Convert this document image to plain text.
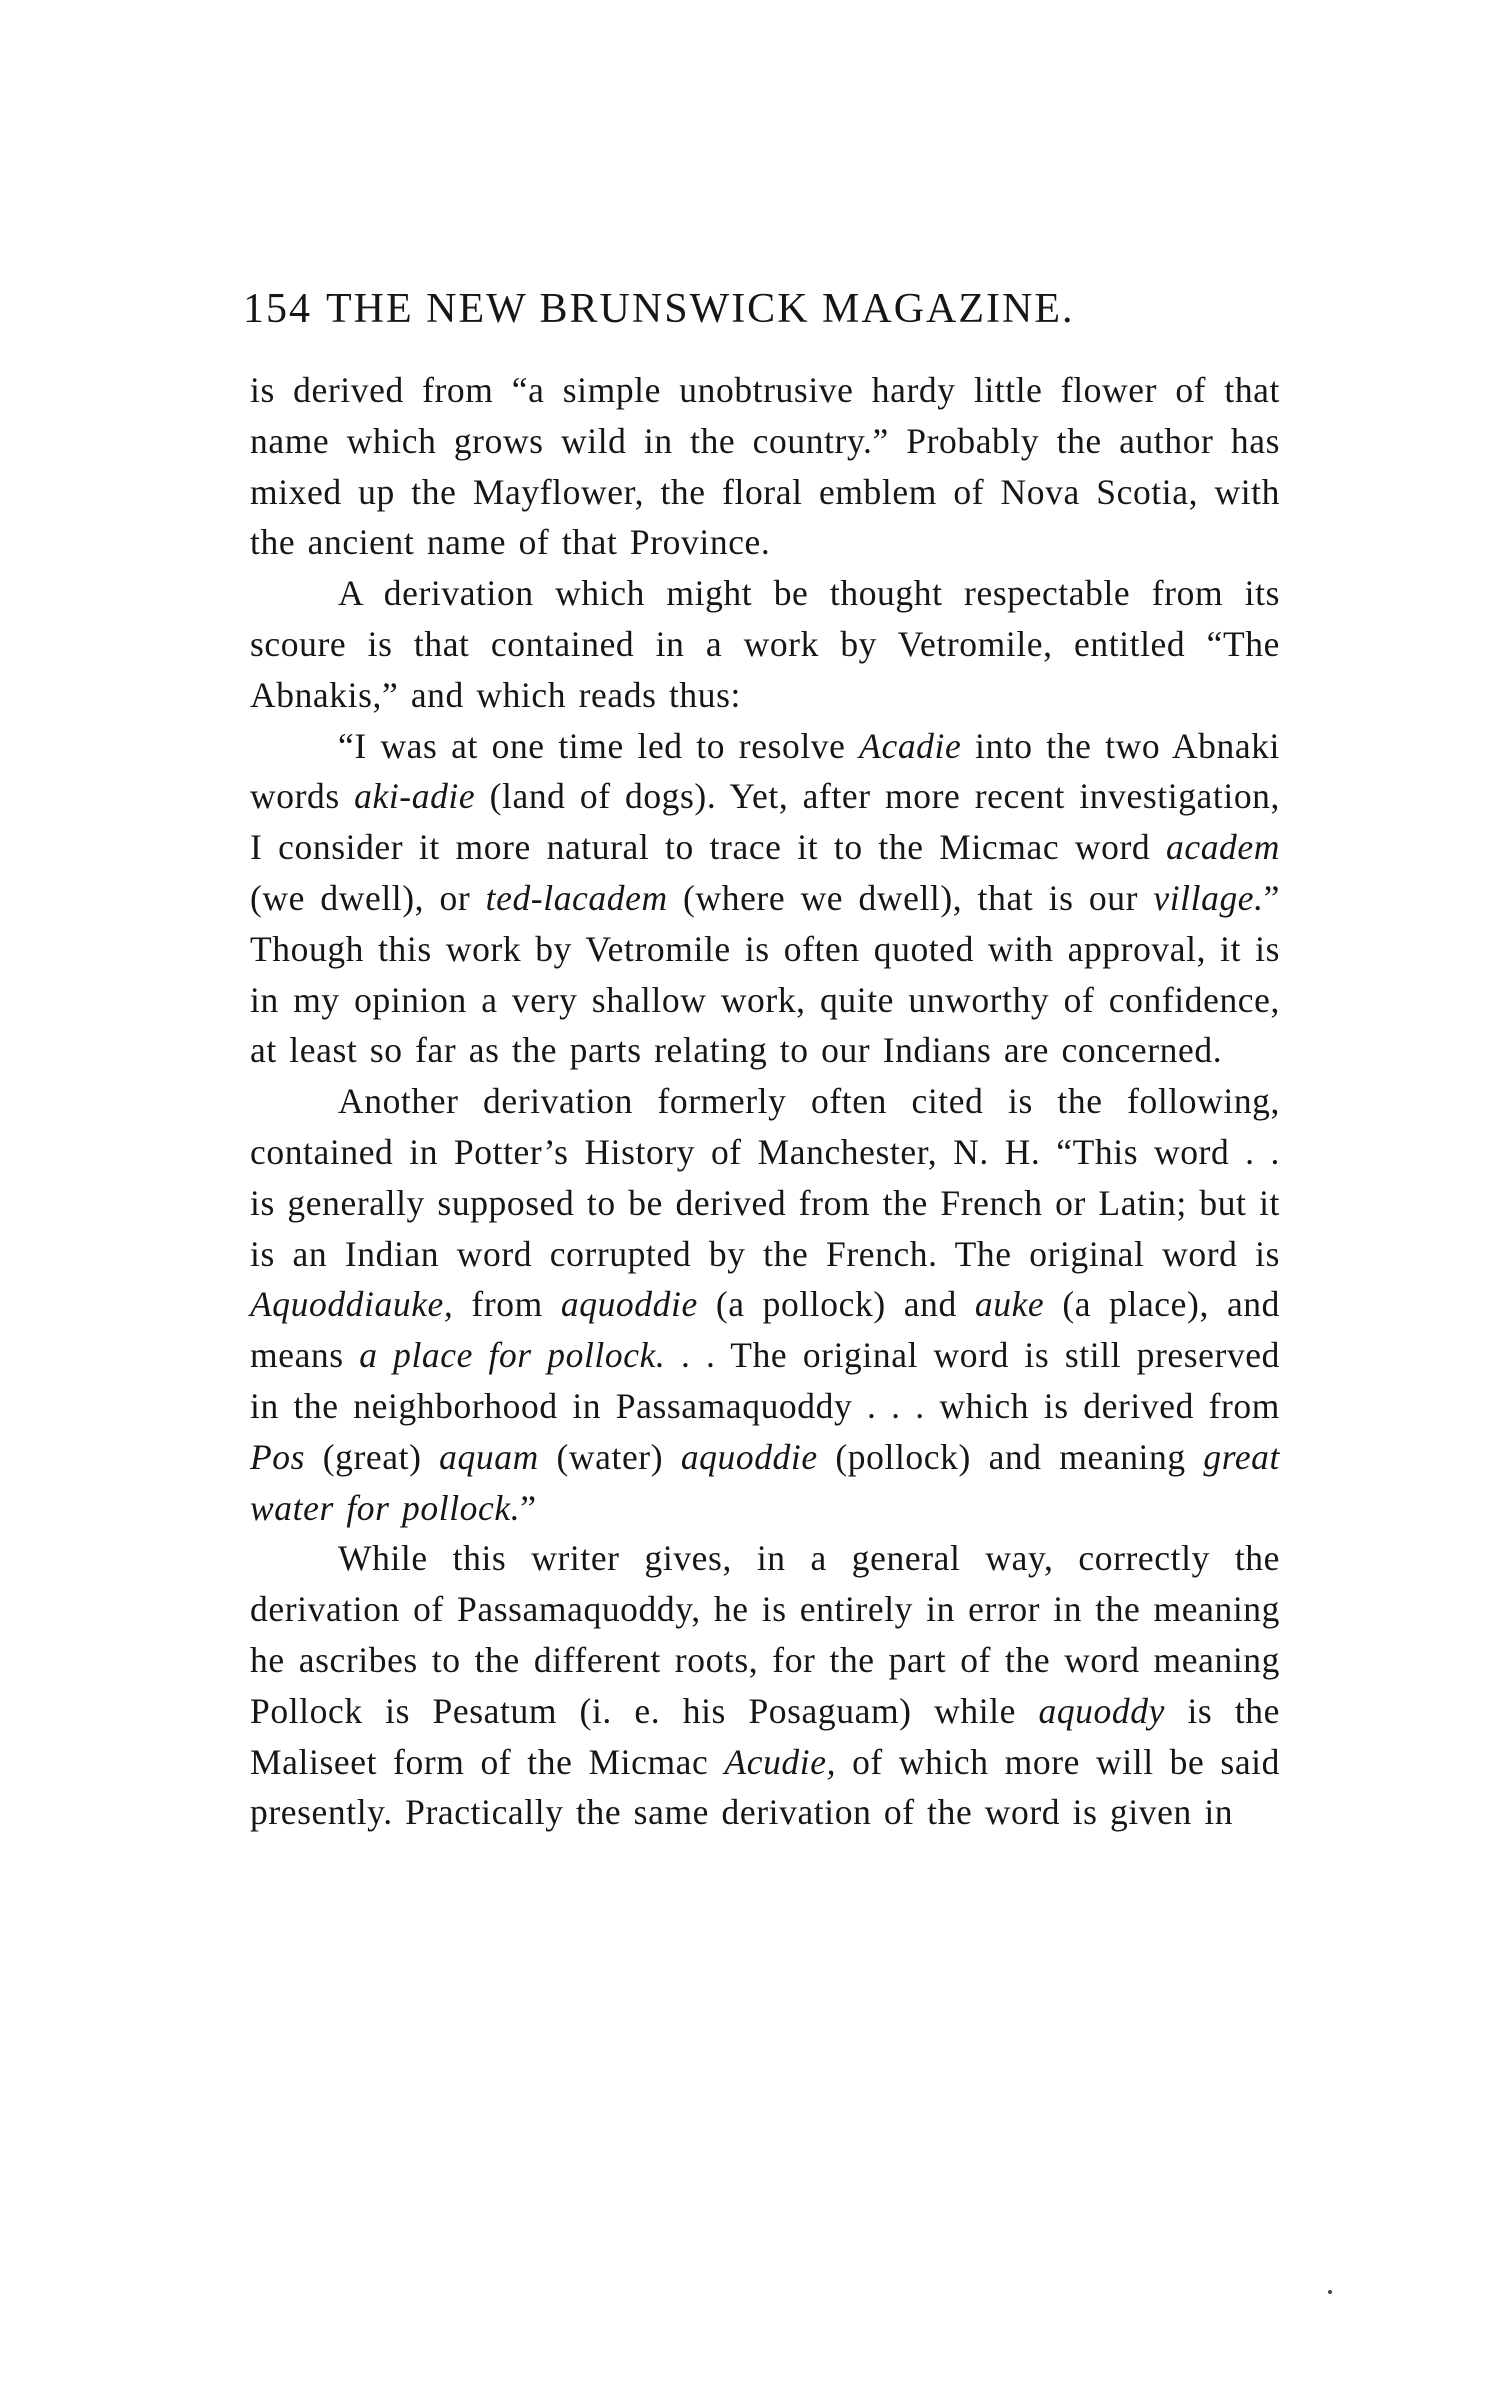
154 THE NEW BRUNSWICK MAGAZINE.

is derived from “a simple unobtrusive hardy little flower of that name which grows wild in the country.” Probably the author has mixed up the Mayflower, the floral emblem of Nova Scotia, with the ancient name of that Province.

A derivation which might be thought respectable from its scoure is that contained in a work by Vetromile, entitled “The Abnakis,” and which reads thus:

“I was at one time led to resolve Acadie into the two Abnaki words aki-adie (land of dogs). Yet, after more recent investigation, I consider it more natural to trace it to the Micmac word academ (we dwell), or ted-lacadem (where we dwell), that is our village.” Though this work by Vetromile is often quoted with approval, it is in my opinion a very shallow work, quite unworthy of confidence, at least so far as the parts relating to our Indians are concerned.

Another derivation formerly often cited is the following, contained in Potter’s History of Manchester, N. H. “This word . . is generally supposed to be derived from the French or Latin; but it is an Indian word corrupted by the French. The original word is Aquoddiauke, from aquoddie (a pollock) and auke (a place), and means a place for pollock. . . The original word is still preserved in the neighborhood in Passamaquoddy . . . which is derived from Pos (great) aquam (water) aquoddie (pollock) and meaning great water for pollock.”

While this writer gives, in a general way, correctly the derivation of Passamaquoddy, he is entirely in error in the meaning he ascribes to the different roots, for the part of the word meaning Pollock is Pesatum (i. e. his Posaguam) while aquoddy is the Maliseet form of the Micmac Acudie, of which more will be said presently. Practically the same derivation of the word is given in
